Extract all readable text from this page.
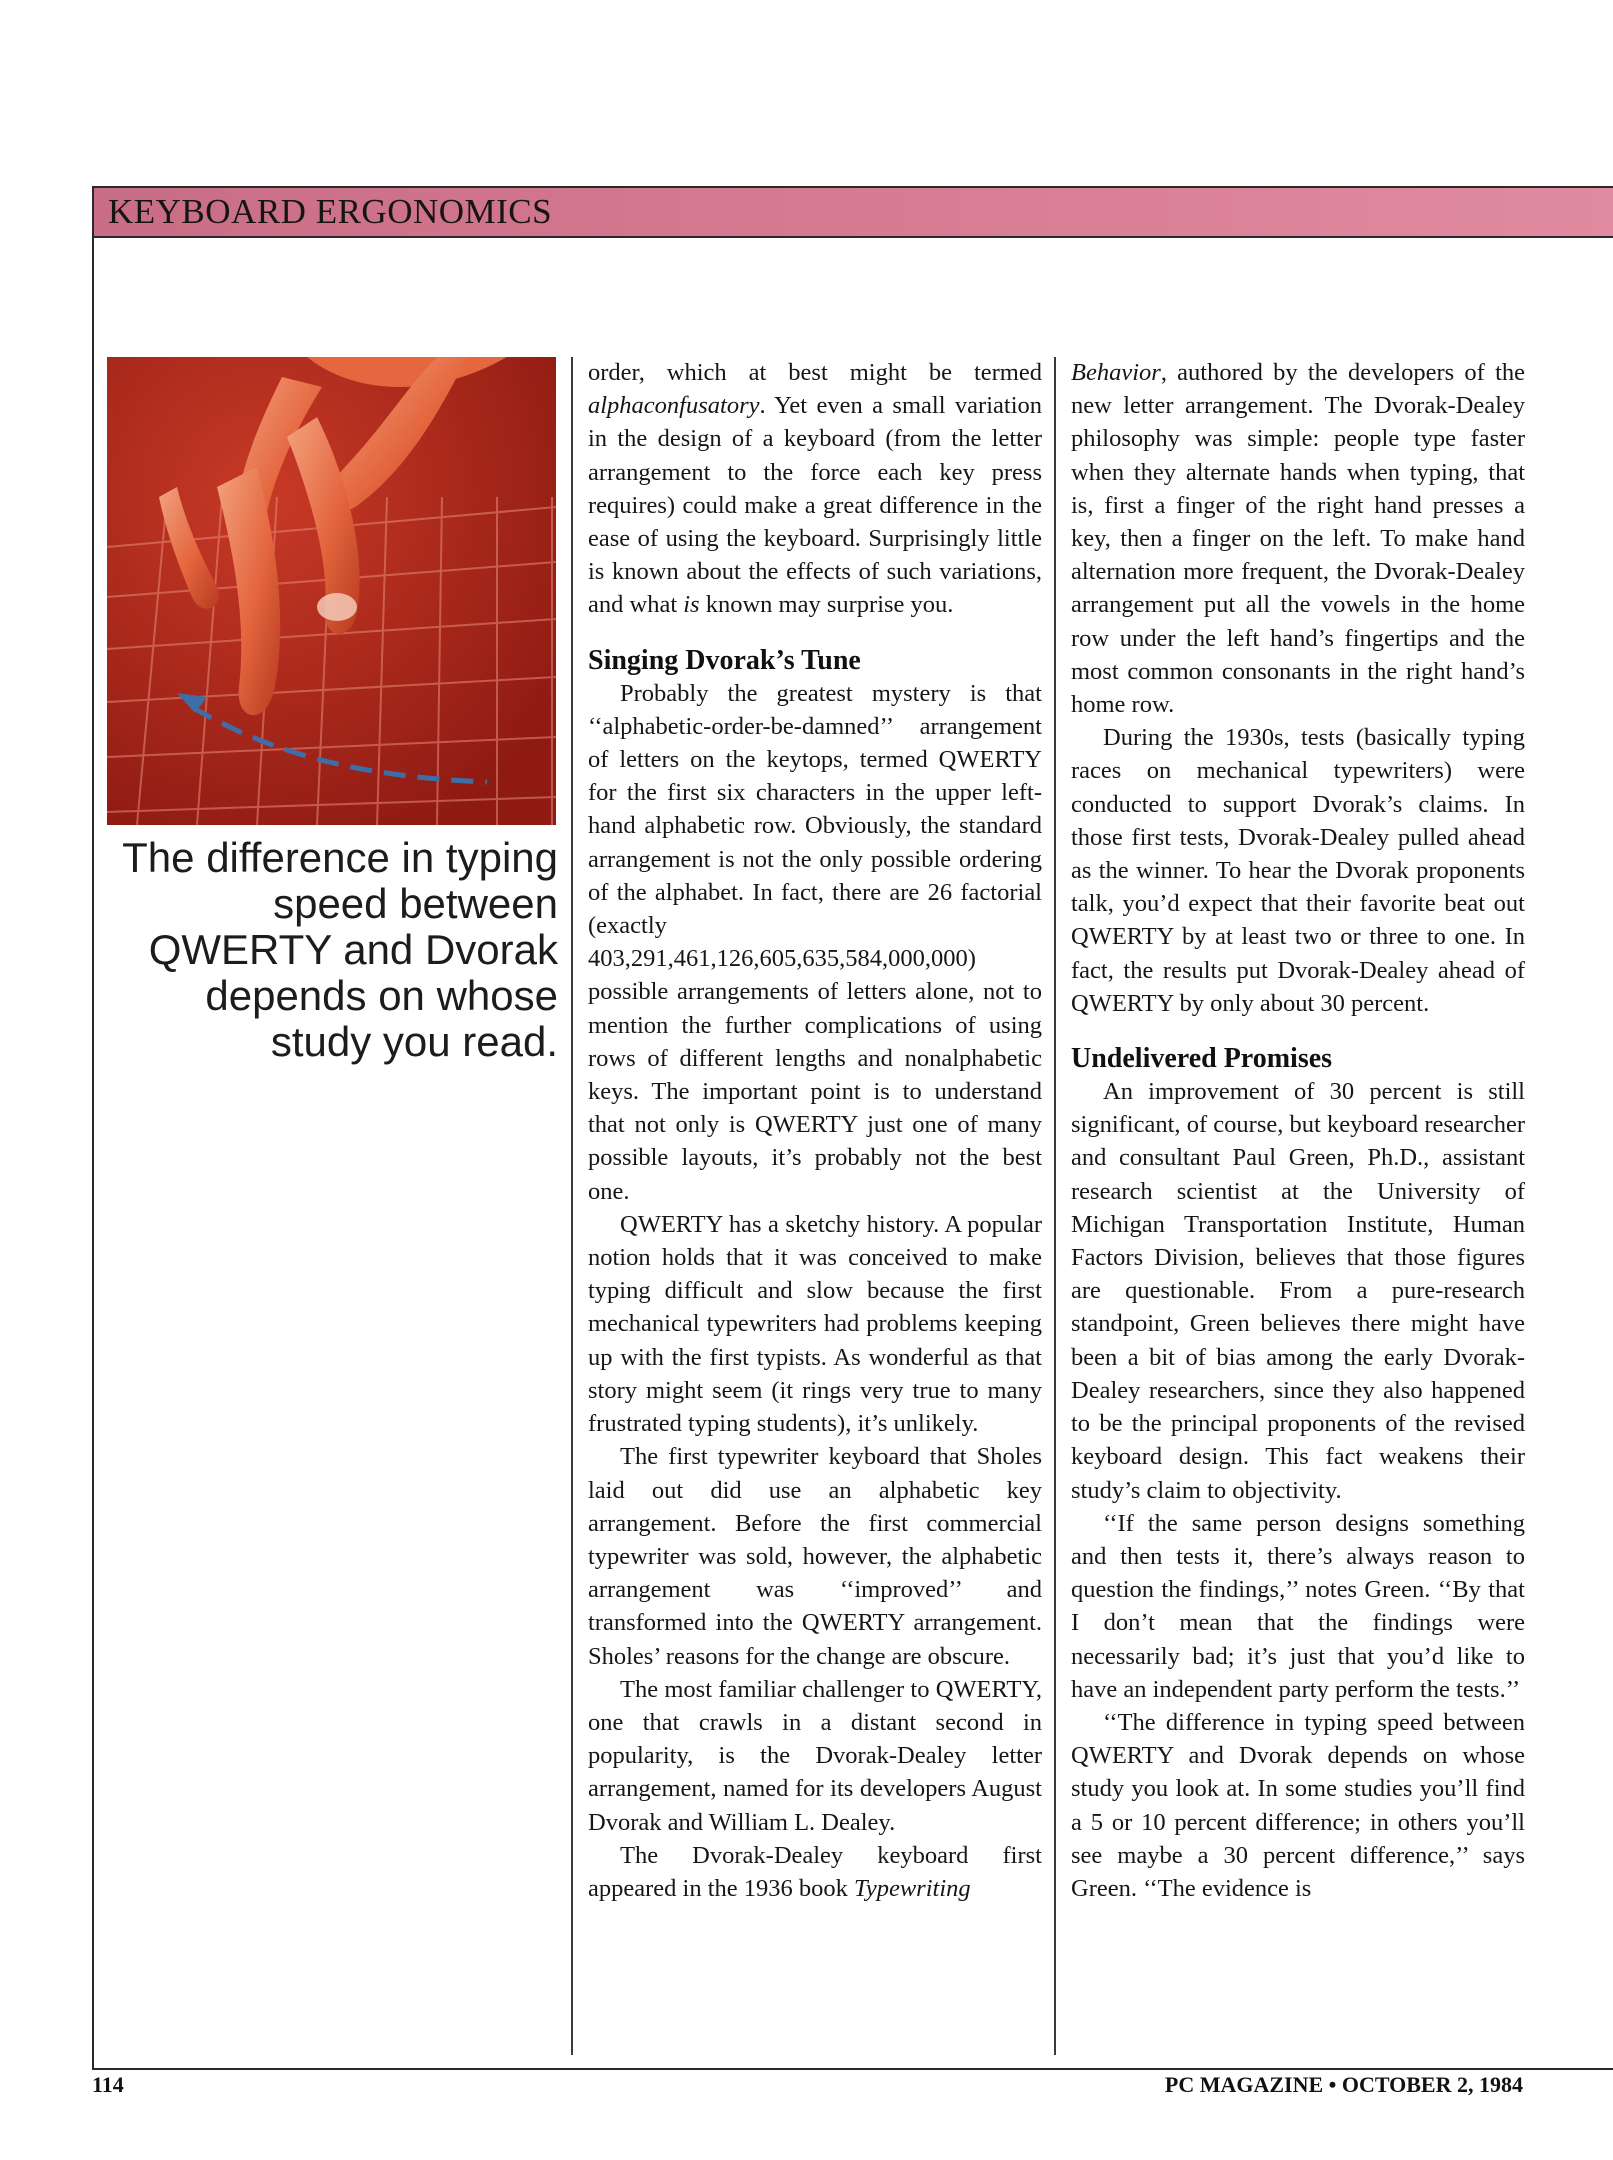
KEYBOARD ERGONOMICS
The difference in typing speed between QWERTY and Dvorak depends on whose study you read.

order, which at best might be termed alphaconfusatory. Yet even a small variation in the design of a keyboard (from the letter arrangement to the force each key press requires) could make a great difference in the ease of using the keyboard. Surprisingly little is known about the effects of such variations, and what is known may surprise you.

Singing Dvorak’s Tune

Probably the greatest mystery is that ‘‘alphabetic-order-be-damned’’ arrangement of letters on the keytops, termed QWERTY for the first six characters in the upper left-hand alphabetic row. Obviously, the standard arrangement is not the only possible ordering of the alphabet. In fact, there are 26 factorial (exactly 403,291,461,126,605,635,584,000,000) possible arrangements of letters alone, not to mention the further complications of using rows of different lengths and nonalphabetic keys. The important point is to understand that not only is QWERTY just one of many possible layouts, it’s probably not the best one.

QWERTY has a sketchy history. A popular notion holds that it was conceived to make typing difficult and slow because the first mechanical typewriters had problems keeping up with the first typists. As wonderful as that story might seem (it rings very true to many frustrated typing students), it’s unlikely.

The first typewriter keyboard that Sholes laid out did use an alphabetic key arrangement. Before the first commercial typewriter was sold, however, the alphabetic arrangement was ‘‘improved’’ and transformed into the QWERTY arrangement. Sholes’ reasons for the change are obscure.

The most familiar challenger to QWERTY, one that crawls in a distant second in popularity, is the Dvorak-Dealey letter arrangement, named for its developers August Dvorak and William L. Dealey.

The Dvorak-Dealey keyboard first appeared in the 1936 book Typewriting

Behavior, authored by the developers of the new letter arrangement. The Dvorak-Dealey philosophy was simple: people type faster when they alternate hands when typing, that is, first a finger of the right hand presses a key, then a finger on the left. To make hand alternation more frequent, the Dvorak-Dealey arrangement put all the vowels in the home row under the left hand’s fingertips and the most common consonants in the right hand’s home row.

During the 1930s, tests (basically typing races on mechanical typewriters) were conducted to support Dvorak’s claims. In those first tests, Dvorak-Dealey pulled ahead as the winner. To hear the Dvorak proponents talk, you’d expect that their favorite beat out QWERTY by at least two or three to one. In fact, the results put Dvorak-Dealey ahead of QWERTY by only about 30 percent.

Undelivered Promises

An improvement of 30 percent is still significant, of course, but keyboard researcher and consultant Paul Green, Ph.D., assistant research scientist at the University of Michigan Transportation Institute, Human Factors Division, believes that those figures are questionable. From a pure-research standpoint, Green believes there might have been a bit of bias among the early Dvorak-Dealey researchers, since they also happened to be the principal proponents of the revised keyboard design. This fact weakens their study’s claim to objectivity.

‘‘If the same person designs something and then tests it, there’s always reason to question the findings,’’ notes Green. ‘‘By that I don’t mean that the findings were necessarily bad; it’s just that you’d like to have an independent party perform the tests.’’

‘‘The difference in typing speed between QWERTY and Dvorak depends on whose study you look at. In some studies you’ll find a 5 or 10 percent difference; in others you’ll see maybe a 30 percent difference,’’ says Green. ‘‘The evidence is

114	PC MAGAZINE • OCTOBER 2, 1984
